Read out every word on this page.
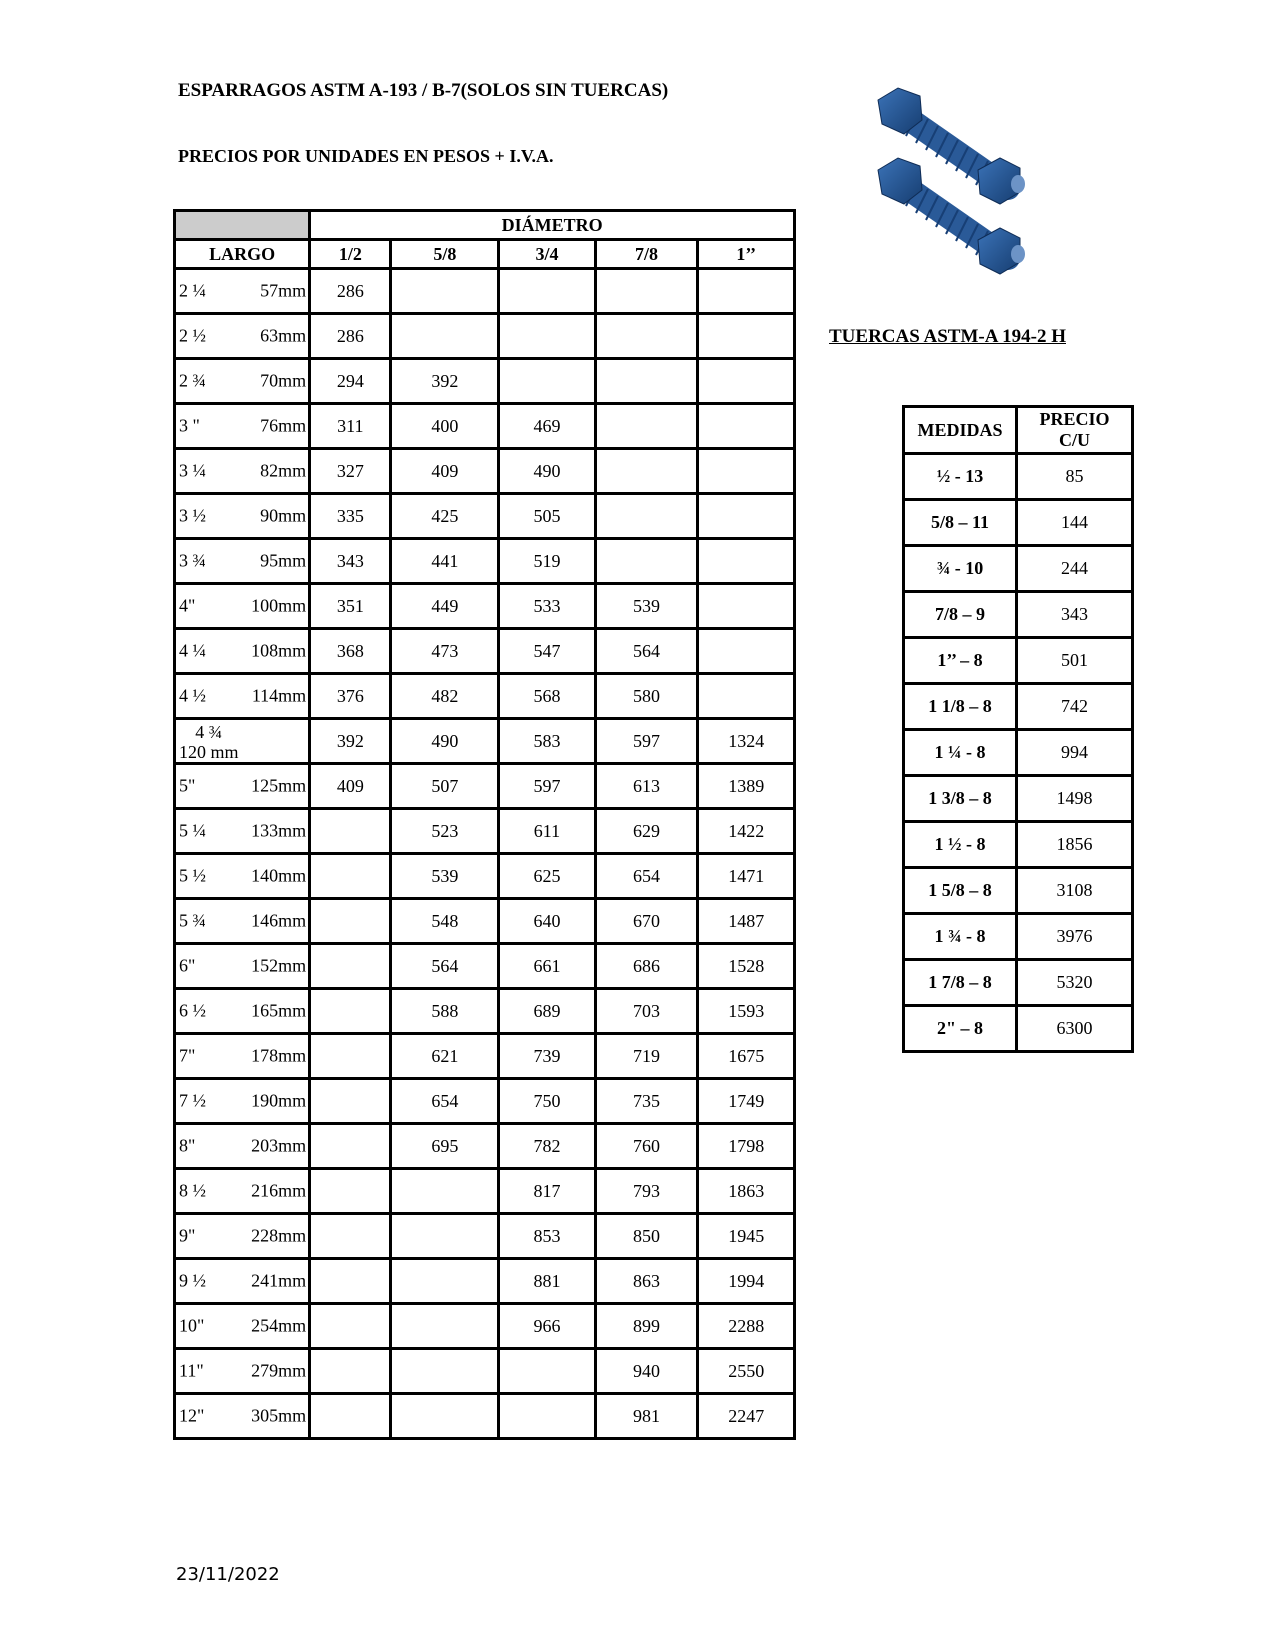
ESPARRAGOS ASTM A-193 / B-7(SOLOS SIN TUERCAS)
PRECIOS POR UNIDADES EN PESOS + I.V.A.
	DIÁMETRO				
LARGO	1/2	5/8	3/4	7/8	1’’

2 ¼ 57mm	286				

2 ½ 63mm	286				

2 ¾ 70mm	294	392			

3 " 76mm	311	400	469		

3 ¼ 82mm	327	409	490		

3 ½ 90mm	335	425	505		

3 ¾ 95mm	343	441	519		

4" 100mm	351	449	533	539	

4 ¼ 108mm	368	473	547	564	

4 ½ 114mm	376	482	568	580	

4 ¾
120 mm	392	490	583	597	1324

5" 125mm	409	507	597	613	1389

5 ¼ 133mm		523	611	629	1422

5 ½ 140mm		539	625	654	1471

5 ¾ 146mm		548	640	670	1487

6" 152mm		564	661	686	1528

6 ½ 165mm		588	689	703	1593

7" 178mm		621	739	719	1675

7 ½ 190mm		654	750	735	1749

8" 203mm		695	782	760	1798

8 ½ 216mm			817	793	1863

9" 228mm			853	850	1945

9 ½ 241mm			881	863	1994

10" 254mm			966	899	2288

11" 279mm				940	2550

12" 305mm				981	2247
TUERCAS ASTM-A 194-2 H
MEDIDAS	PRECIO
C/U
½ - 13	85
5/8 – 11	144
¾ - 10	244
7/8 – 9	343
1’’ – 8	501
1 1/8 – 8	742
1 ¼ - 8	994
1 3/8 – 8	1498
1 ½ - 8	1856
1 5/8 – 8	3108
1 ¾ - 8	3976
1 7/8 – 8	5320
2" – 8	6300
23/11/2022
